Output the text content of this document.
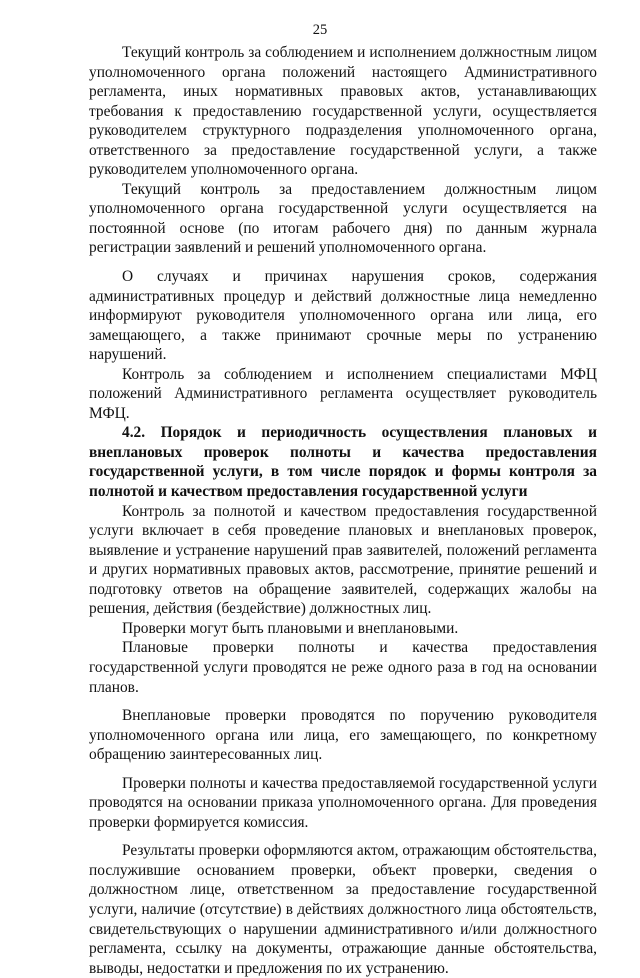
25

Текущий контроль за соблюдением и исполнением должностным лицом уполномоченного органа положений настоящего Административного регламента, иных нормативных правовых актов, устанавливающих требования к предоставлению государственной услуги, осуществляется руководителем структурного подразделения уполномоченного органа, ответственного за предоставление государственной услуги, а также руководителем уполномоченного органа.

Текущий контроль за предоставлением должностным лицом уполномоченного органа государственной услуги осуществляется на постоянной основе (по итогам рабочего дня) по данным журнала регистрации заявлений и решений уполномоченного органа.

О случаях и причинах нарушения сроков, содержания административных процедур и действий должностные лица немедленно информируют руководителя уполномоченного органа или лица, его замещающего, а также принимают срочные меры по устранению нарушений.

Контроль за соблюдением и исполнением специалистами МФЦ положений Административного регламента осуществляет руководитель МФЦ.

4.2. Порядок и периодичность осуществления плановых и внеплановых проверок полноты и качества предоставления государственной услуги, в том числе порядок и формы контроля за полнотой и качеством предоставления государственной услуги

Контроль за полнотой и качеством предоставления государственной услуги включает в себя проведение плановых и внеплановых проверок, выявление и устранение нарушений прав заявителей, положений регламента и других нормативных правовых актов, рассмотрение, принятие решений и подготовку ответов на обращение заявителей, содержащих жалобы на решения, действия (бездействие) должностных лиц.

Проверки могут быть плановыми и внеплановыми.

Плановые проверки полноты и качества предоставления государственной услуги проводятся не реже одного раза в год на основании планов.

Внеплановые проверки проводятся по поручению руководителя уполномоченного органа или лица, его замещающего, по конкретному обращению заинтересованных лиц.

Проверки полноты и качества предоставляемой государственной услуги проводятся на основании приказа уполномоченного органа. Для проведения проверки формируется комиссия.

Результаты проверки оформляются актом, отражающим обстоятельства, послужившие основанием проверки, объект проверки, сведения о должностном лице, ответственном за предоставление государственной услуги, наличие (отсутствие) в действиях должностного лица обстоятельств, свидетельствующих о нарушении административного и/или должностного регламента, ссылку на документы, отражающие данные обстоятельства, выводы, недостатки и предложения по их устранению.
